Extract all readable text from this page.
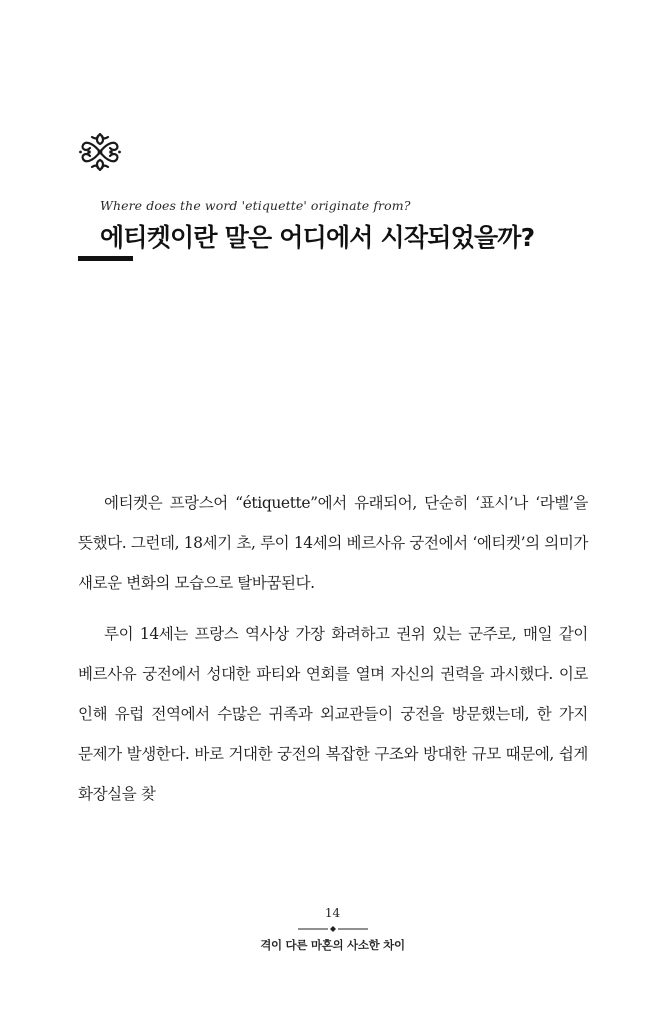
Where does the word 'etiquette' originate from?
에티켓이란 말은 어디에서 시작되었을까?

에티켓은 프랑스어 “étiquette”에서 유래되어, 단순히 ‘표시’나 ‘라벨’을 뜻했다. 그런데, 18세기 초, 루이 14세의 베르사유 궁전에서 ‘에티켓’의 의미가 새로운 변화의 모습으로 탈바꿈된다.

루이 14세는 프랑스 역사상 가장 화려하고 권위 있는 군주로, 매일 같이 베르사유 궁전에서 성대한 파티와 연회를 열며 자신의 권력을 과시했다. 이로 인해 유럽 전역에서 수많은 귀족과 외교관들이 궁전을 방문했는데, 한 가지 문제가 발생한다. 바로 거대한 궁전의 복잡한 구조와 방대한 규모 때문에, 쉽게 화장실을 찾

14
격이 다른 마혼의 사소한 차이
